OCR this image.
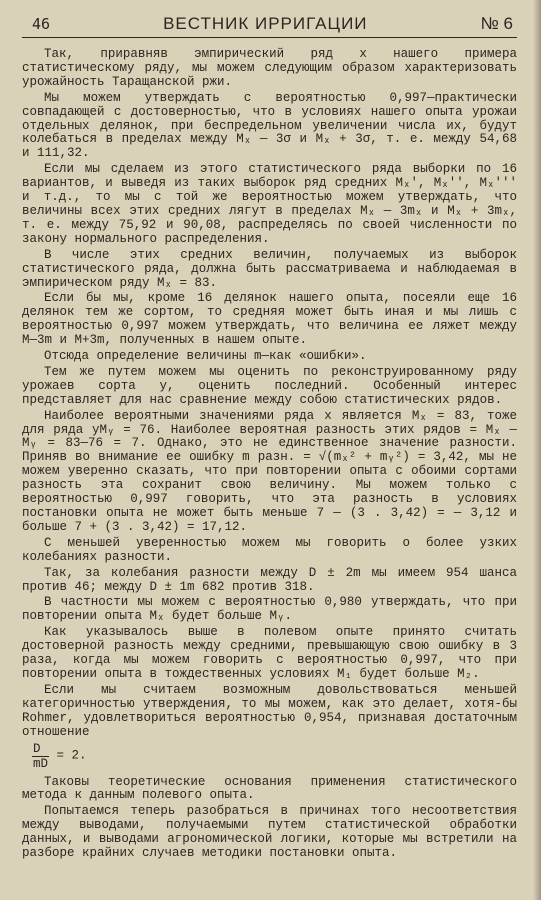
46	ВЕСТНИК ИРРИГАЦИИ	№ 6

Так, приравняв эмпирический ряд х нашего примера статистическому ряду, мы можем следующим образом характеризовать урожайность Таращанской ржи.

Мы можем утверждать с вероятностью 0,997—практически совпадающей с достоверностью, что в условиях нашего опыта урожаи отдельных делянок, при беспредельном увеличении числа их, будут колебаться в пределах между Mₓ — 3σ и Mₓ + 3σ, т. е. между 54,68 и 111,32.

Если мы сделаем из этого статистического ряда выборки по 16 вариантов, и выведя из таких выборок ряд средних Mₓ', Mₓ'', Mₓ''' и т.д., то мы с той же вероятностью можем утверждать, что величины всех этих средних лягут в пределах Mₓ — 3mₓ и Mₓ + 3mₓ, т. е. между 75,92 и 90,08, распределясь по своей численности по закону нормального распределения.

В числе этих средних величин, получаемых из выборок статистического ряда, должна быть рассматриваема и наблюдаемая в эмпирическом ряду Mₓ = 83.

Если бы мы, кроме 16 делянок нашего опыта, посеяли еще 16 делянок тем же сортом, то средняя может быть иная и мы лишь с вероятностью 0,997 можем утверждать, что величина ее ляжет между M—3m и M+3m, полученных в нашем опыте.

Отсюда определение величины m—как «ошибки».

Тем же путем можем мы оценить по реконструированному ряду урожаев сорта у, оценить последний. Особенный интерес представляет для нас сравнение между собою статистических рядов.

Наиболее вероятными значениями ряда х является Mₓ = 83, тоже для ряда уMᵧ = 76. Наиболее вероятная разность этих рядов = Mₓ — Mᵧ = 83—76 = 7. Однако, это не единственное значение разности. Приняв во внимание ее ошибку m разн. = √(mₓ² + mᵧ²) = 3,42, мы не можем уверенно сказать, что при повторении опыта с обоими сортами разность эта сохранит свою величину. Мы можем только с вероятностью 0,997 говорить, что эта разность в условиях постановки опыта не может быть меньше 7 — (3 . 3,42) = — 3,12 и больше 7 + (3 . 3,42) = 17,12.

С меньшей уверенностью можем мы говорить о более узких колебаниях разности.

Так, за колебания разности между D ± 2m мы имеем 954 шанса против 46; между D ± 1m 682 против 318.

В частности мы можем с вероятностью 0,980 утверждать, что при повторении опыта Mₓ будет больше Mᵧ.

Как указывалось выше в полевом опыте принято считать достоверной разность между средними, превышающую свою ошибку в 3 раза, когда мы можем говорить с вероятностью 0,997, что при повторении опыта в тождественных условиях M₁ будет больше M₂.

Если мы считаем возможным довольствоваться меньшей категоричностью утверждения, то мы можем, как это делает, хотя-бы Rohmer, удовлетвориться вероятностью 0,954, признавая достаточным отношение

$\frac{D}{mD} = 2$.

Таковы теоретические основания применения статистического метода к данным полевого опыта.

Попытаемся теперь разобраться в причинах того несоответствия между выводами, получаемыми путем статистической обработки данных, и выводами агрономической логики, которые мы встретили на разборе крайних случаев методики постановки опыта.
